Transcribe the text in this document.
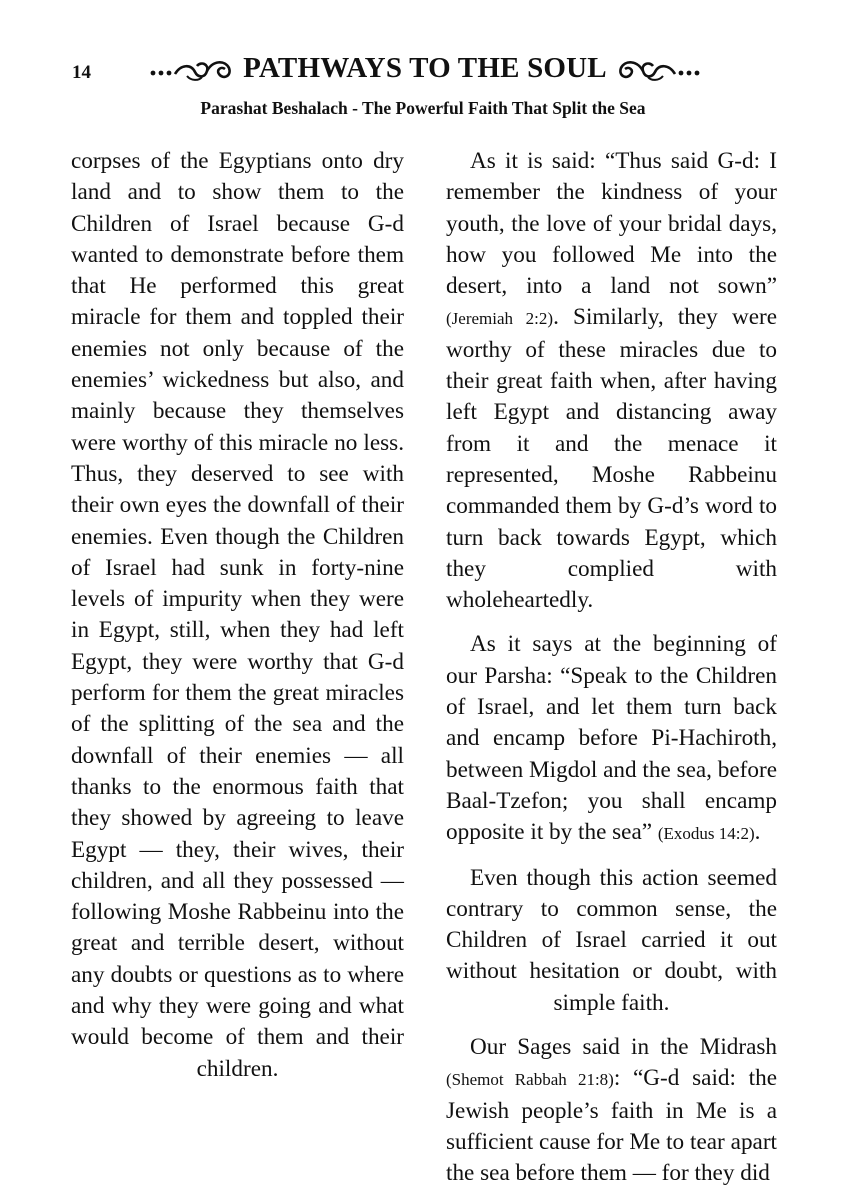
14	PATHWAYS TO THE SOUL
Parashat Beshalach - The Powerful Faith That Split the Sea

corpses of the Egyptians onto dry land and to show them to the Children of Israel because G-d wanted to demonstrate before them that He performed this great miracle for them and toppled their enemies not only because of the enemies’ wickedness but also, and mainly because they themselves were worthy of this miracle no less. Thus, they deserved to see with their own eyes the downfall of their enemies. Even though the Children of Israel had sunk in forty-nine levels of impurity when they were in Egypt, still, when they had left Egypt, they were worthy that G-d perform for them the great miracles of the splitting of the sea and the downfall of their enemies — all thanks to the enormous faith that they showed by agreeing to leave Egypt — they, their wives, their children, and all they possessed — following Moshe Rabbeinu into the great and terrible desert, without any doubts or questions as to where and why they were going and what would become of them and their children.

As it is said: “Thus said G-d: I remember the kindness of your youth, the love of your bridal days, how you followed Me into the desert, into a land not sown” (Jeremiah 2:2). Similarly, they were worthy of these miracles due to their great faith when, after having left Egypt and distancing away from it and the menace it represented, Moshe Rabbeinu commanded them by G-d’s word to turn back towards Egypt, which they complied with wholeheartedly.

As it says at the beginning of our Parsha: “Speak to the Children of Israel, and let them turn back and encamp before Pi-Hachiroth, between Migdol and the sea, before Baal-Tzefon; you shall encamp opposite it by the sea” (Exodus 14:2).

Even though this action seemed contrary to common sense, the Children of Israel carried it out without hesitation or doubt, with simple faith.

Our Sages said in the Midrash (Shemot Rabbah 21:8): “G-d said: the Jewish people’s faith in Me is a sufficient cause for Me to tear apart the sea before them — for they did
